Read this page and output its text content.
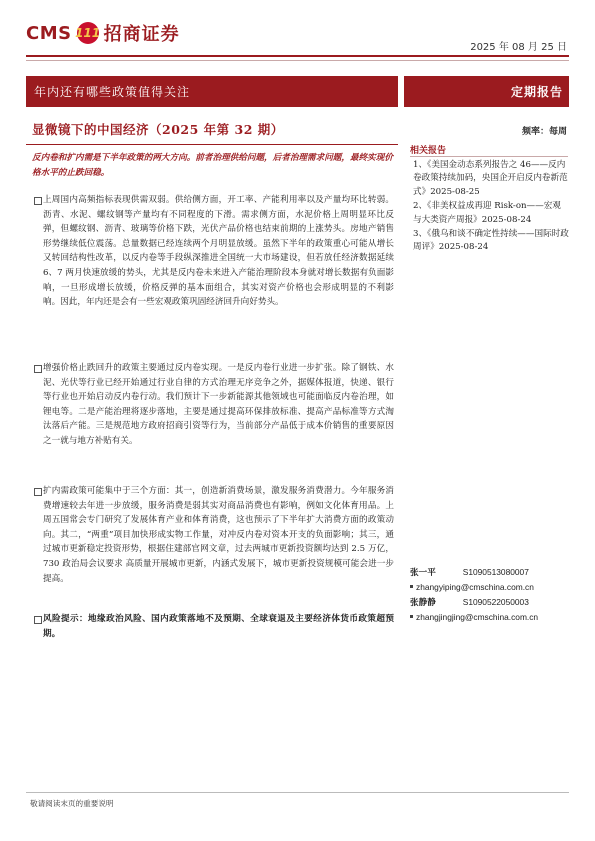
CMS 111 招商证券
2025 年 08 月 25 日
年内还有哪些政策值得关注	定期报告
显微镜下的中国经济（2025 年第 32 期）	频率：每周
反内卷和扩内需是下半年政策的两大方向。前者治理供给问题，后者治理需求问题，最终实现价格水平的止跌回稳。

上周国内高频指标表现供需双弱。供给侧方面，开工率、产能利用率以及产量均环比转弱。沥青、水泥、螺纹钢等产量均有不同程度的下滑。需求侧方面，水泥价格上周明显环比反弹，但螺纹钢、沥青、玻璃等价格下跌，光伏产品价格也结束前期的上涨势头。房地产销售形势继续低位震荡。总量数据已经连续两个月明显放缓。虽然下半年的政策重心可能从增长又转回结构性改革，以反内卷等手段纵深推进全国统一大市场建设，但若放任经济数据延续 6、7 两月快速放缓的势头，尤其是反内卷未来进入产能治理阶段本身就对增长数据有负面影响，一旦形成增长放缓，价格反弹的基本面组合，其实对资产价格也会形成明显的不利影响。因此，年内还是会有一些宏观政策巩固经济回升向好势头。

增强价格止跌回升的政策主要通过反内卷实现。一是反内卷行业进一步扩张。除了钢铁、水泥、光伏等行业已经开始通过行业自律的方式治理无序竞争之外，据媒体报道，快递、银行等行业也开始启动反内卷行动。我们预计下一步新能源其他领域也可能面临反内卷治理，如锂电等。二是产能治理将逐步落地，主要是通过提高环保排放标准、提高产品标准等方式淘汰落后产能。三是规范地方政府招商引资等行为，当前部分产品低于成本价销售的重要原因之一就与地方补贴有关。

扩内需政策可能集中于三个方面：其一，创造新消费场景，激发服务消费潜力。今年服务消费增速较去年进一步放缓，服务消费是弱其实对商品消费也有影响，例如文化体育用品。上周五国常会专门研究了发展体育产业和体育消费，这也预示了下半年扩大消费方面的政策动向。其二，“两重”项目加快形成实物工作量，对冲反内卷对资本开支的负面影响；其三，通过城市更新稳定投资形势，根据住建部官网文章，过去两城市更新投资额均达到 2.5 万亿，730 政治局会议要求 高质量开展城市更新，内涵式发展下，城市更新投资规模可能会进一步提高。

风险提示：地缘政治风险、国内政策落地不及预期、全球衰退及主要经济体货币政策超预期。

相关报告
1、《美国金动态系列报告之 46——反内卷政策持续加码，央国企开启反内卷新范式》2025-08-25
2、《非美权益成再迎 Risk-on——宏观与大类资产周报》2025-08-24
3、《俄乌和谈不确定性持续——国际时政周评》2025-08-24
张一平	S1090513080007
zhangyiping@cmschina.com.cn
张静静	S1090522050003
zhangjingjing@cmschina.com.cn
敬请阅读末页的重要说明
